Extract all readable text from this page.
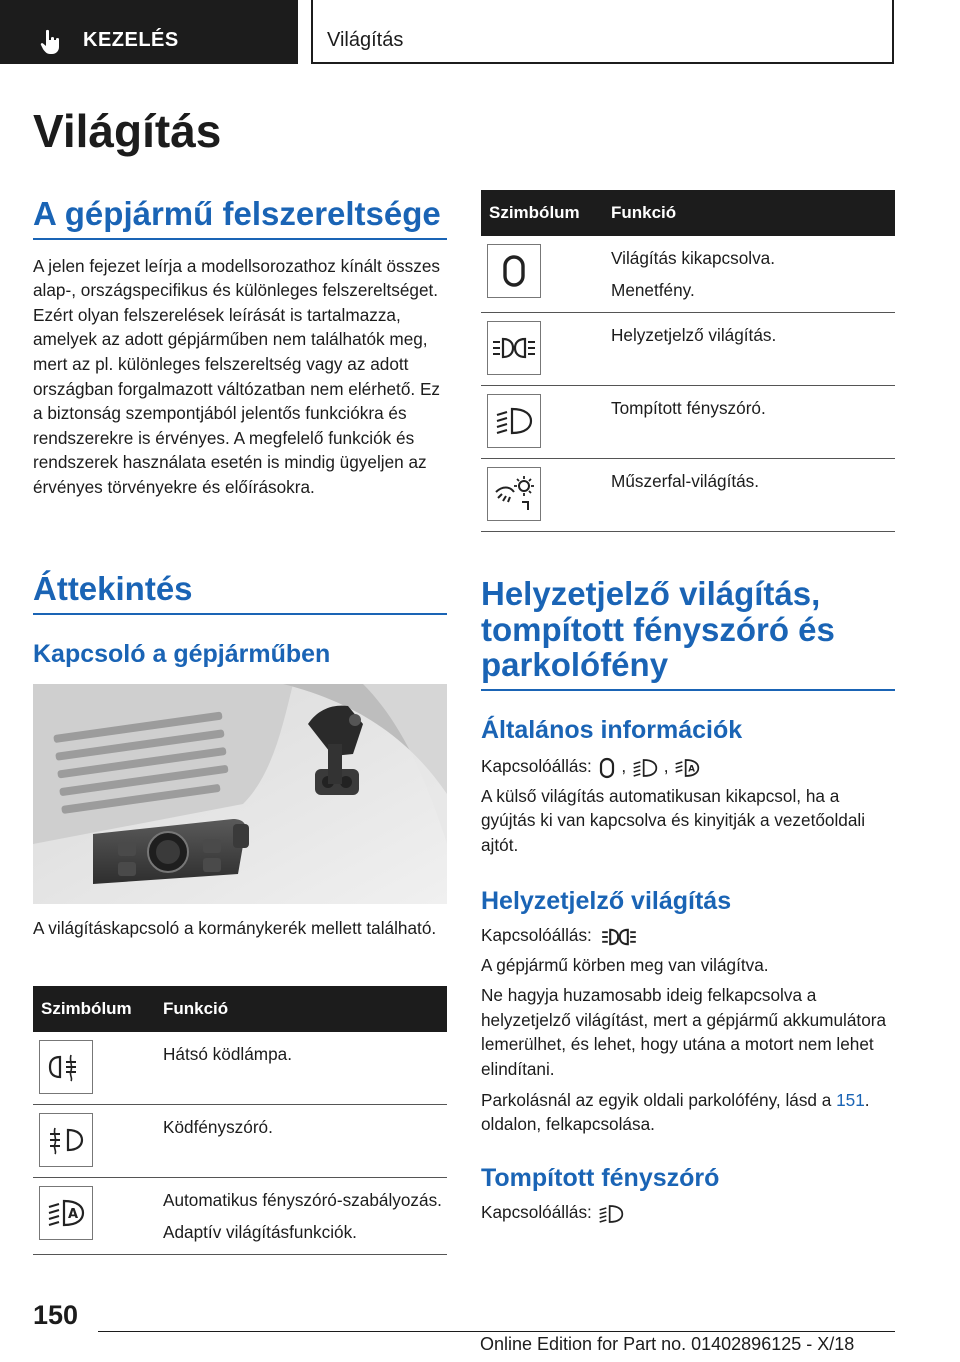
KEZELÉS	Világítás
Világítás
A gépjármű felszereltsége

A jelen fejezet leírja a modellsorozathoz kínált összes alap-, országspecifikus és különleges felszereltséget. Ezért olyan felszerelések leírását is tartalmazza, amelyek az adott gépjárműben nem találhatók meg, mert az pl. különleges felszereltség vagy az adott országban forgalmazott váltózatban nem elérhető. Ez a biztonság szempontjából jelentős funkciókra és rendszerekre is érvényes. A megfelelő funkciók és rendszerek használata esetén is mindig ügyeljen az érvényes törvényekre és előírásokra.

Áttekintés
Kapcsoló a gépjárműben

A világításkapcsoló a kormánykerék mellett található.

Szimbólum	Funkció

Hátsó ködlámpa.

Ködfényszóró.

A	Automatikus fényszóró-szabályozás.
Adaptív világításfunkciók.
Szimbólum	Funkció

Világítás kikapcsolva.
Menetfény.

Helyzetjelző világítás.

Tompított fényszóró.

Műszerfal-világítás.
Helyzetjelző világítás, tompított fényszóró és parkolófény
Általános információk

Kapcsolóállás: , , A

A külső világítás automatikusan kikapcsol, ha a gyújtás ki van kapcsolva és kinyitják a vezetőoldali ajtót.

Helyzetjelző világítás

Kapcsolóállás:

A gépjármű körben meg van világítva.

Ne hagyja huzamosabb ideig felkapcsolva a helyzetjelző világítást, mert a gépjármű akkumulátora lemerülhet, és lehet, hogy utána a motort nem lehet elindítani.

Parkolásnál az egyik oldali parkolófény, lásd a 151. oldalon, felkapcsolása.

Tompított fényszóró

Kapcsolóállás:

150
Online Edition for Part no. 01402896125 - X/18
